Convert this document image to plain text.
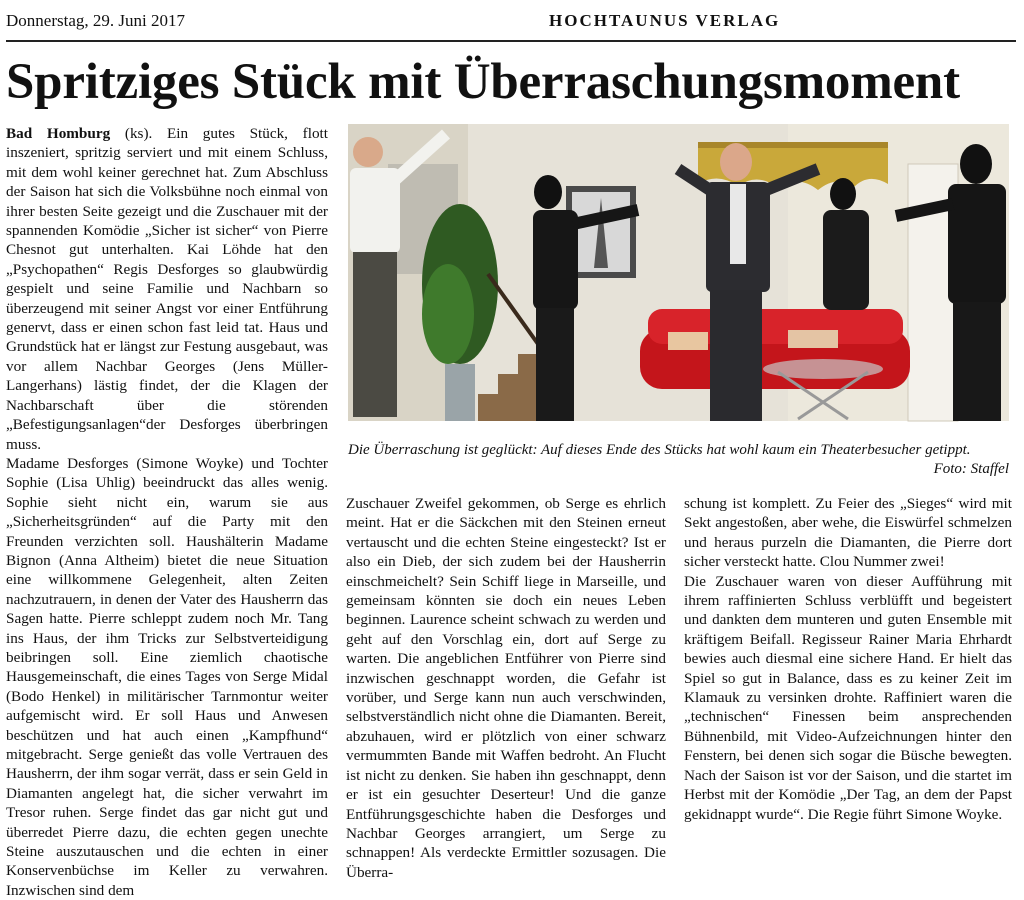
Donnerstag, 29. Juni 2017	HOCHTAUNUS VERLAG
Spritziges Stück mit Überraschungsmoment

Bad Homburg (ks). Ein gutes Stück, flott inszeniert, spritzig serviert und mit einem Schluss, mit dem wohl keiner gerechnet hat. Zum Abschluss der Saison hat sich die Volksbühne noch einmal von ihrer besten Seite gezeigt und die Zuschauer mit der spannenden Komödie „Sicher ist sicher“ von Pierre Chesnot gut unterhalten. Kai Löhde hat den „Psychopathen“ Regis Desforges so glaubwürdig gespielt und seine Familie und Nachbarn so überzeugend mit seiner Angst vor einer Entführung genervt, dass er einen schon fast leid tat. Haus und Grundstück hat er längst zur Festung ausgebaut, was vor allem Nachbar Georges (Jens Müller-Langerhans) lästig findet, der die Klagen der Nachbarschaft über die störenden „Befestigungsanlagen“der Desforges überbringen muss.

Madame Desforges (Simone Woyke) und Tochter Sophie (Lisa Uhlig) beeindruckt das alles wenig. Sophie sieht nicht ein, warum sie aus „Sicherheitsgründen“ auf die Party mit den Freunden verzichten soll. Haushälterin Madame Bignon (Anna Altheim) bietet die neue Situation eine willkommene Gelegenheit, alten Zeiten nachzutrauern, in denen der Vater des Hausherrn das Sagen hatte. Pierre schleppt zudem noch Mr. Tang ins Haus, der ihm Tricks zur Selbstverteidigung beibringen soll. Eine ziemlich chaotische Hausgemeinschaft, die eines Tages von Serge Midal (Bodo Henkel) in militärischer Tarnmontur weiter aufgemischt wird. Er soll Haus und Anwesen beschützen und hat auch einen „Kampfhund“ mitgebracht. Serge genießt das volle Vertrauen des Hausherrn, der ihm sogar verrät, dass er sein Geld in Diamanten angelegt hat, die sicher verwahrt im Tresor ruhen. Serge findet das gar nicht gut und überredet Pierre dazu, die echten gegen unechte Steine auszutauschen und die echten in einer Konservenbüchse im Keller zu verwahren. Inzwischen sind dem

Die Überraschung ist geglückt: Auf dieses Ende des Stücks hat wohl kaum ein Theaterbesucher getippt.
Foto: Staffel

Zuschauer Zweifel gekommen, ob Serge es ehrlich meint. Hat er die Säckchen mit den Steinen erneut vertauscht und die echten Steine eingesteckt? Ist er also ein Dieb, der sich zudem bei der Hausherrin einschmeichelt? Sein Schiff liege in Marseille, und gemeinsam könnten sie doch ein neues Leben beginnen. Laurence scheint schwach zu werden und geht auf den Vorschlag ein, dort auf Serge zu warten. Die angeblichen Entführer von Pierre sind inzwischen geschnappt worden, die Gefahr ist vorüber, und Serge kann nun auch verschwinden, selbstverständlich nicht ohne die Diamanten. Bereit, abzuhauen, wird er plötzlich von einer schwarz vermummten Bande mit Waffen bedroht. An Flucht ist nicht zu denken. Sie haben ihn geschnappt, denn er ist ein gesuchter Deserteur! Und die ganze Entführungsgeschichte haben die Desforges und Nachbar Georges arrangiert, um Serge zu schnappen! Als verdeckte Ermittler sozusagen. Die Überra-

schung ist komplett. Zu Feier des „Sieges“ wird mit Sekt angestoßen, aber wehe, die Eiswürfel schmelzen und heraus purzeln die Diamanten, die Pierre dort sicher versteckt hatte. Clou Nummer zwei!

Die Zuschauer waren von dieser Aufführung mit ihrem raffinierten Schluss verblüfft und begeistert und dankten dem munteren und guten Ensemble mit kräftigem Beifall. Regisseur Rainer Maria Ehrhardt bewies auch diesmal eine sichere Hand. Er hielt das Spiel so gut in Balance, dass es zu keiner Zeit im Klamauk zu versinken drohte. Raffiniert waren die „technischen“ Finessen beim ansprechenden Bühnenbild, mit Video-Aufzeichnungen hinter den Fenstern, bei denen sich sogar die Büsche bewegten. Nach der Saison ist vor der Saison, und die startet im Herbst mit der Komödie „Der Tag, an dem der Papst gekidnappt wurde“. Die Regie führt Simone Woyke.
